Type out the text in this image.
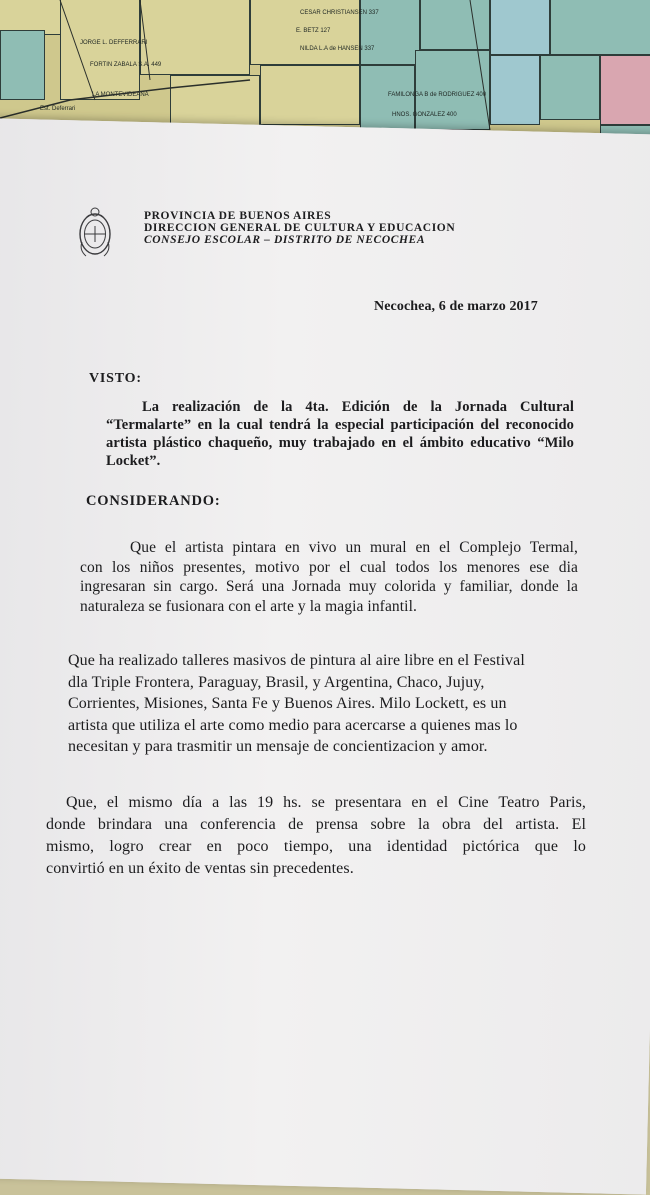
JORGE L. DEFFERRARI
FORTIN ZABALA S.A. 449
CESAR CHRISTIANSEN 337
E. BETZ 127
NILDA L.A de HANSEN 337
LA MONTEVIDEANA
Est. Deferrari
HNOS. GONZALEZ 400
FAMILONGA B de RODRIGUEZ 400
PROVINCIA DE BUENOS AIRES
DIRECCION GENERAL DE CULTURA Y EDUCACION
CONSEJO ESCOLAR – DISTRITO DE NECOCHEA
Necochea, 6 de marzo 2017
VISTO:
La realización de la 4ta. Edición de la Jornada Cultural
“Termalarte” en la cual tendrá la especial participación del reconocido
artista plástico chaqueño, muy trabajado en el ámbito educativo “Milo
Locket”.
CONSIDERANDO:
Que el artista pintara en vivo un mural en el Complejo Termal,
con los niños presentes, motivo por el cual todos los menores ese dia
ingresaran sin cargo. Será una Jornada muy colorida y familiar, donde la
naturaleza se fusionara con el arte y la magia infantil.
Que ha realizado talleres masivos de pintura al aire libre en el Festival
dla Triple Frontera, Paraguay, Brasil, y Argentina, Chaco, Jujuy,
Corrientes, Misiones, Santa Fe y Buenos Aires. Milo Lockett, es un
artista que utiliza el arte como medio para acercarse a quienes mas lo
necesitan y para trasmitir un mensaje de concientizacion y amor.
Que, el mismo día a las 19 hs. se presentara en el Cine Teatro Paris,
donde brindara una conferencia de prensa sobre la obra del artista. El
mismo, logro crear en poco tiempo, una identidad pictórica que lo
convirtió en un éxito de ventas sin precedentes.
